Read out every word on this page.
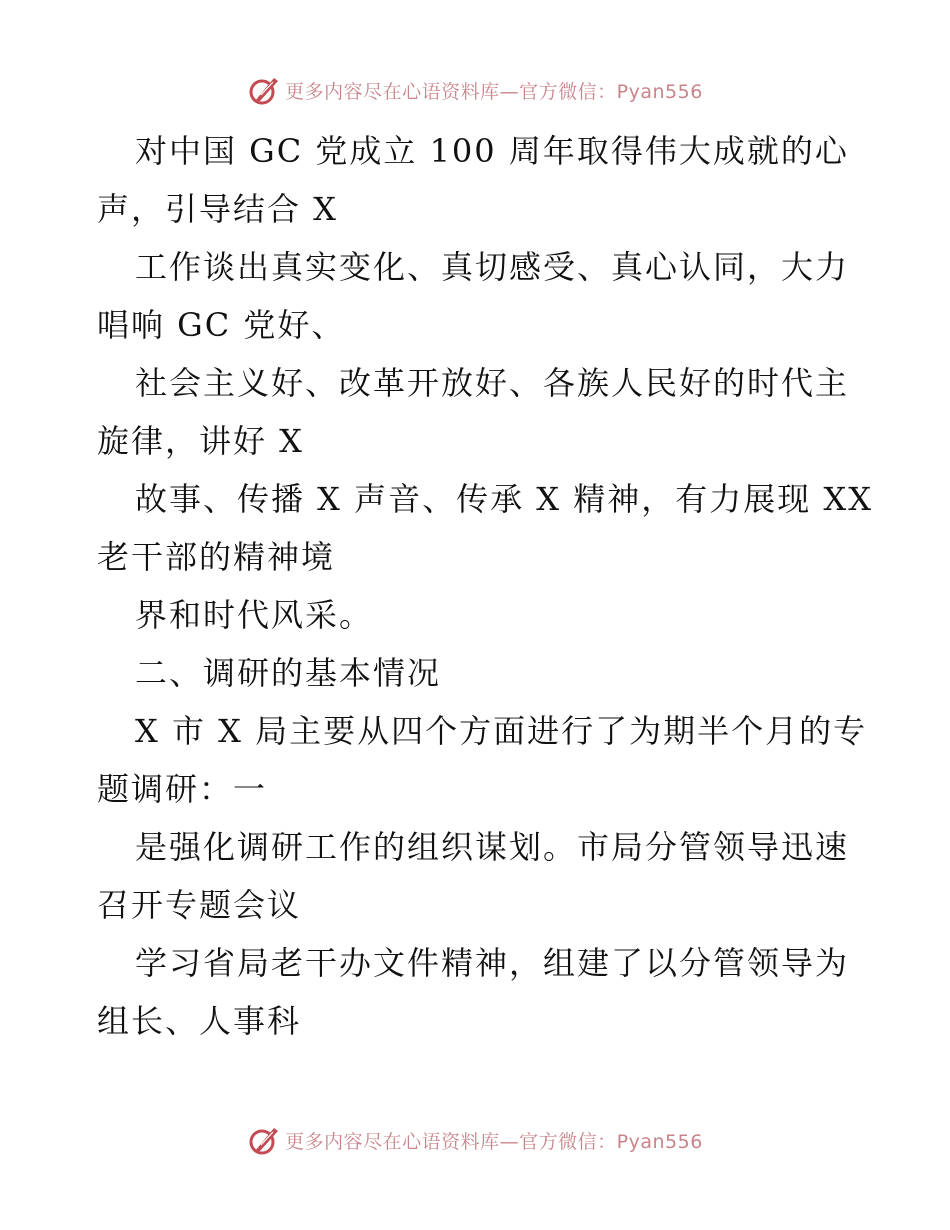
更多内容尽在心语资料库—官方微信：Pyan556
对中国 GC 党成立 100 周年取得伟大成就的心
声，引导结合 X
工作谈出真实变化、真切感受、真心认同，大力
唱响 GC 党好、
社会主义好、改革开放好、各族人民好的时代主
旋律，讲好 X
故事、传播 X 声音、传承 X 精神，有力展现 XX
老干部的精神境
界和时代风采。
二、调研的基本情况
X 市 X 局主要从四个方面进行了为期半个月的专
题调研：一
是强化调研工作的组织谋划。市局分管领导迅速
召开专题会议
学习省局老干办文件精神，组建了以分管领导为
组长、人事科
更多内容尽在心语资料库—官方微信：Pyan556
